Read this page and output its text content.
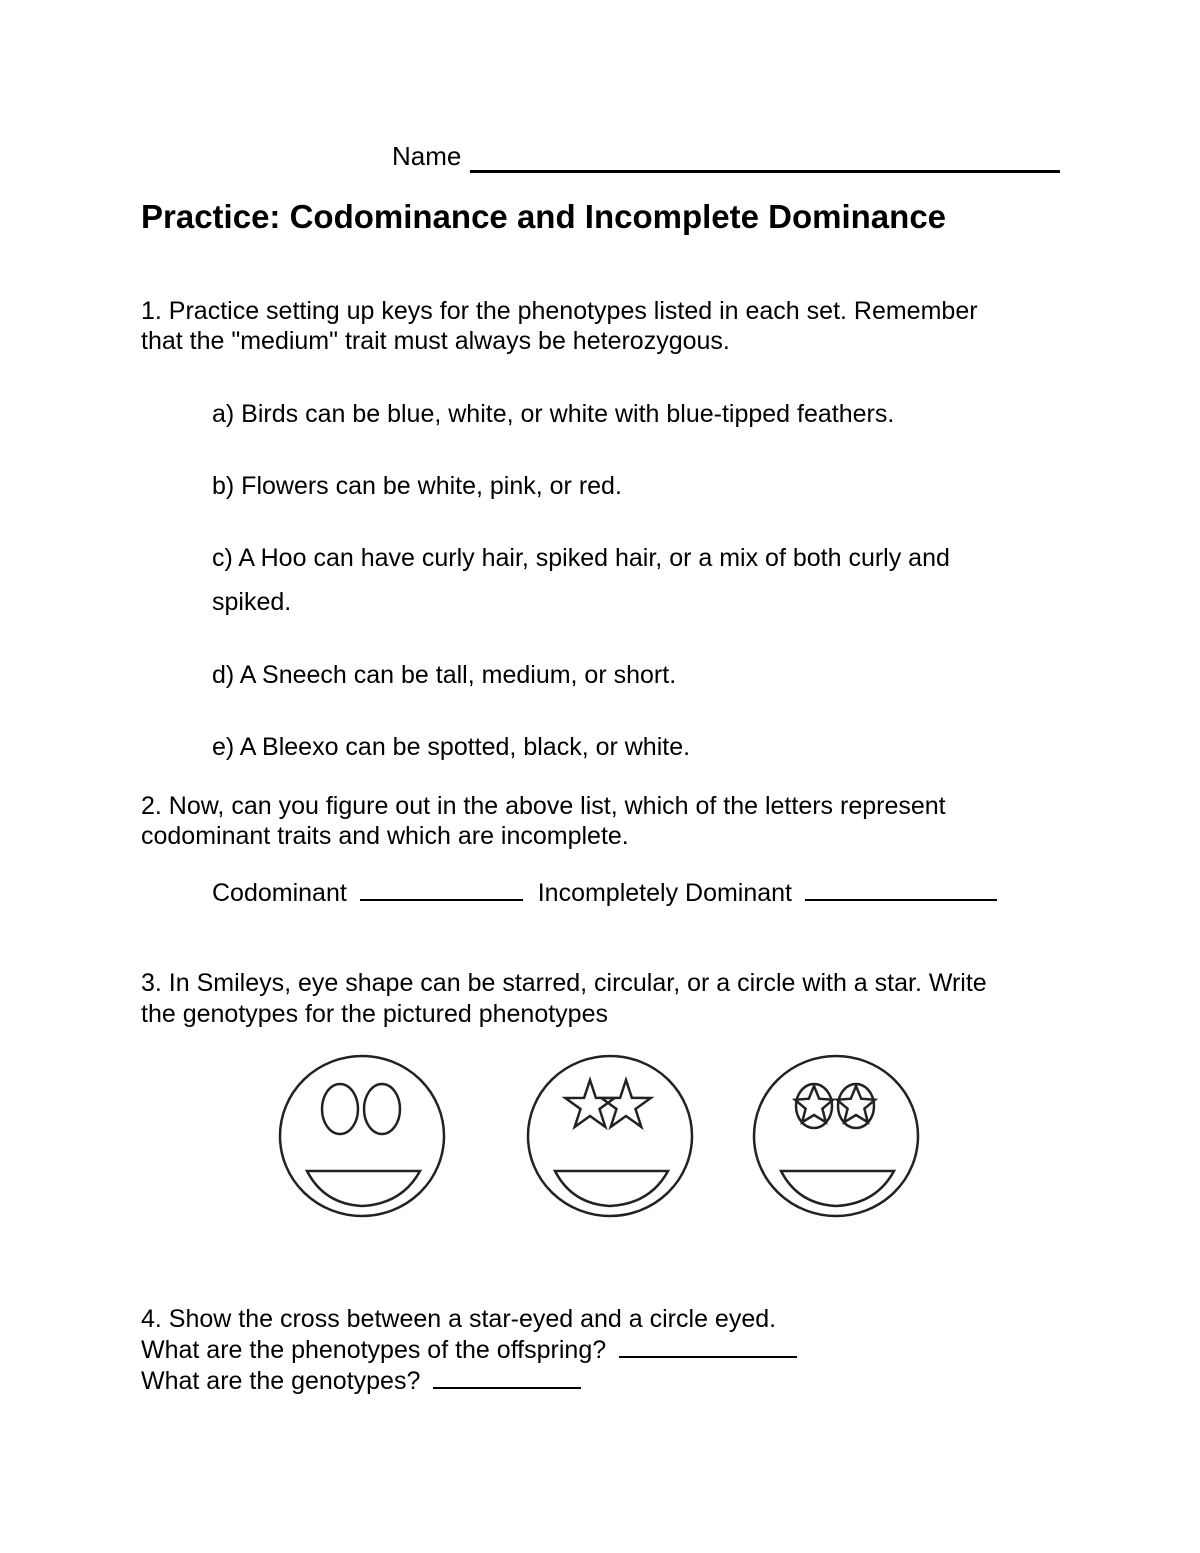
Name
Practice: Codominance and Incomplete Dominance
1. Practice setting up keys for the phenotypes listed in each set. Remember
that the "medium" trait must always be heterozygous.
a) Birds can be blue, white, or white with blue-tipped feathers.
b) Flowers can be white, pink, or red.
c) A Hoo can have curly hair, spiked hair, or a mix of both curly and
spiked.
d) A Sneech can be tall, medium, or short.
e) A Bleexo can be spotted, black, or white.
2. Now, can you figure out in the above list, which of the letters represent
codominant traits and which are incomplete.
Codominant	Incompletely Dominant
3. In Smileys, eye shape can be starred, circular, or a circle with a star. Write
the genotypes for the pictured phenotypes
4. Show the cross between a star-eyed and a circle eyed.
What are the phenotypes of the offspring?
What are the genotypes?
